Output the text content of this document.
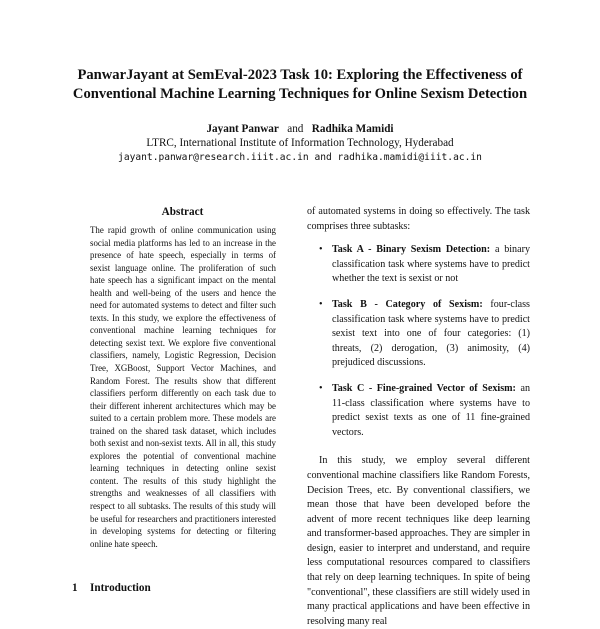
PanwarJayant at SemEval-2023 Task 10: Exploring the Effectiveness of
Conventional Machine Learning Techniques for Online Sexism Detection
Jayant Panwar and Radhika Mamidi
LTRC, International Institute of Information Technology, Hyderabad
jayant.panwar@research.iiit.ac.in and radhika.mamidi@iiit.ac.in
Abstract
The rapid growth of online communication using social media platforms has led to an increase in the presence of hate speech, especially in terms of sexist language online. The proliferation of such hate speech has a significant impact on the mental health and well-being of the users and hence the need for automated systems to detect and filter such texts. In this study, we explore the effectiveness of conventional machine learning techniques for detecting sexist text. We explore five conventional classifiers, namely, Logistic Regression, Decision Tree, XGBoost, Support Vector Machines, and Random Forest. The results show that different classifiers perform differently on each task due to their different inherent architectures which may be suited to a certain problem more. These models are trained on the shared task dataset, which includes both sexist and non-sexist texts. All in all, this study explores the potential of conventional machine learning techniques in detecting online sexist content. The results of this study highlight the strengths and weaknesses of all classifiers with respect to all subtasks. The results of this study will be useful for researchers and practitioners interested in developing systems for detecting or filtering online hate speech.
1 Introduction

of automated systems in doing so effectively. The task comprises three subtasks:

• Task A - Binary Sexism Detection: a binary classification task where systems have to predict whether the text is sexist or not
• Task B - Category of Sexism: four-class classification task where systems have to predict sexist text into one of four categories: (1) threats, (2) derogation, (3) animosity, (4) prejudiced discussions.
• Task C - Fine-grained Vector of Sexism: an 11-class classification where systems have to predict sexist texts as one of 11 fine-grained vectors.

In this study, we employ several different conventional machine classifiers like Random Forests, Decision Trees, etc. By conventional classifiers, we mean those that have been developed before the advent of more recent techniques like deep learning and transformer-based approaches. They are simpler in design, easier to interpret and understand, and require less computational resources compared to classifiers that rely on deep learning techniques. In spite of being "conventional", these classifiers are still widely used in many practical applications and have been effective in resolving many real
